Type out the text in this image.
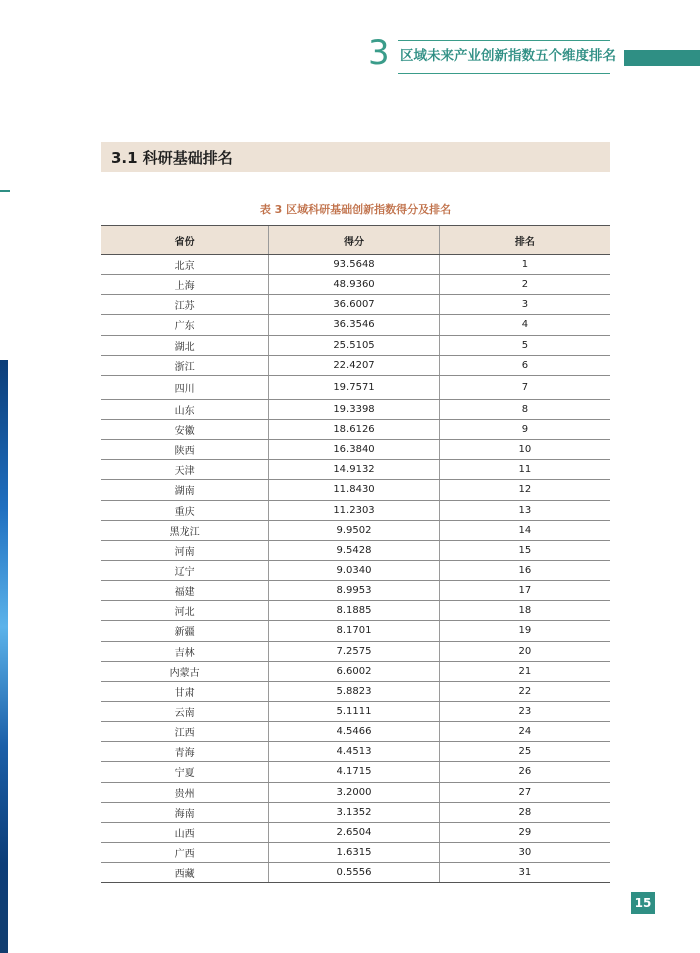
3 区域未来产业创新指数五个维度排名
3.1 科研基础排名
表 3 区域科研基础创新指数得分及排名
省份	得分	排名
北京	93.5648	1
上海	48.9360	2
江苏	36.6007	3
广东	36.3546	4
湖北	25.5105	5
浙江	22.4207	6
四川	19.7571	7
山东	19.3398	8
安徽	18.6126	9
陕西	16.3840	10
天津	14.9132	11
湖南	11.8430	12
重庆	11.2303	13
黑龙江	9.9502	14
河南	9.5428	15
辽宁	9.0340	16
福建	8.9953	17
河北	8.1885	18
新疆	8.1701	19
吉林	7.2575	20
内蒙古	6.6002	21
甘肃	5.8823	22
云南	5.1111	23
江西	4.5466	24
青海	4.4513	25
宁夏	4.1715	26
贵州	3.2000	27
海南	3.1352	28
山西	2.6504	29
广西	1.6315	30
西藏	0.5556	31
15
